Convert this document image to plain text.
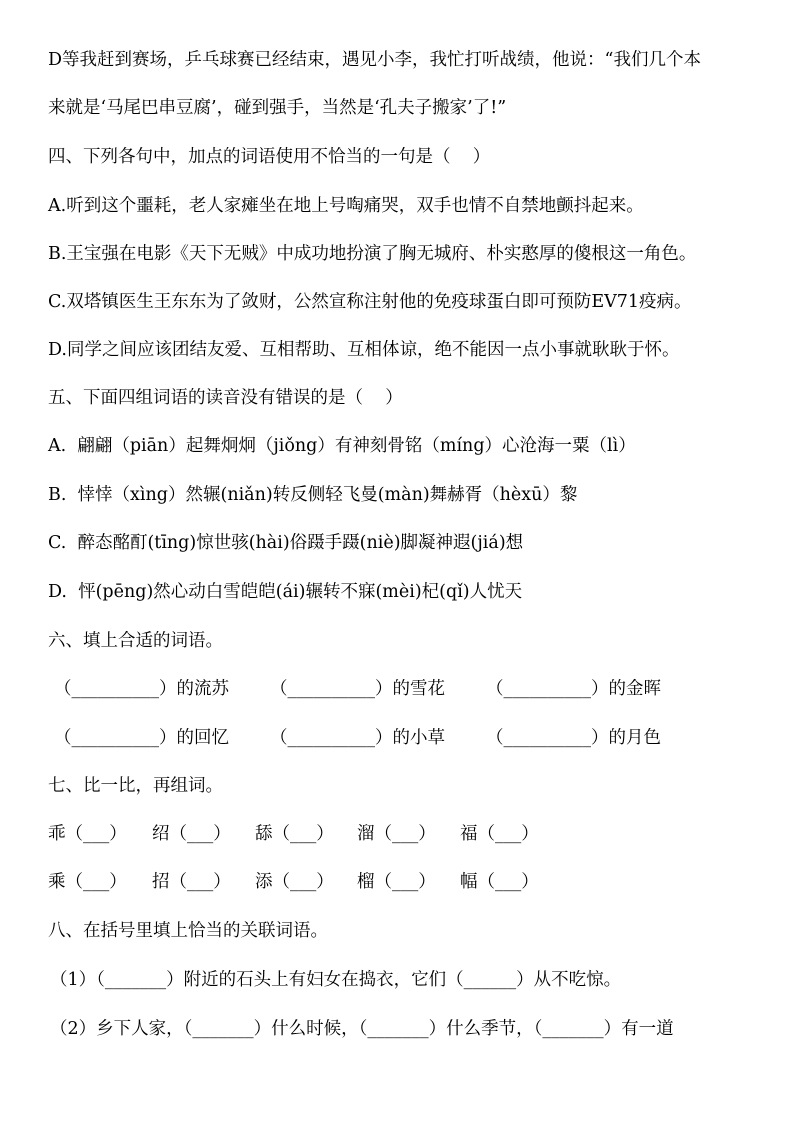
D等我赶到赛场，乒乓球赛已经结束，遇见小李，我忙打听战绩，他说：“我们几个本
来就是‘马尾巴串豆腐’，碰到强手，当然是‘孔夫子搬家’了!”
四、下列各句中，加点的词语使用不恰当的一句是（    ）
A.听到这个噩耗，老人家瘫坐在地上号啕痛哭，双手也情不自禁地颤抖起来。
B.王宝强在电影《天下无贼》中成功地扮演了胸无城府、朴实憨厚的傻根这一角色。
C.双塔镇医生王东东为了敛财，公然宣称注射他的免疫球蛋白即可预防EV71疫病。
D.同学之间应该团结友爱、互相帮助、互相体谅，绝不能因一点小事就耿耿于怀。
五、下面四组词语的读音没有错误的是（    ）
A.  翩翩（piān）起舞炯炯（jiǒng）有神刻骨铭（míng）心沧海一粟（lì）
B.  悻悻（xìng）然辗(niǎn)转反侧轻飞曼(màn)舞赫胥（hèxū）黎
C.  醉态酩酊(tīng)惊世骇(hài)俗蹑手蹑(niè)脚凝神遐(jiá)想
D.  怦(pēng)然心动白雪皑皑(ái)辗转不寐(mèi)杞(qǐ)人忧天
六、填上合适的词语。

（__________）的流苏

（__________）的雪花

（__________）的金晖

（__________）的回忆

（__________）的小草

（__________）的月色

七、比一比，再组词。

乖（___）

绍（___）

舔（___）

溜（___）

福（___）

乘（___）

招（___）

添（___）

榴（___）

幅（___）

八、在括号里填上恰当的关联词语。
（1）（_______）附近的石头上有妇女在捣衣，它们（______）从不吃惊。
（2）乡下人家，（_______）什么时候，（_______）什么季节，（_______）有一道
